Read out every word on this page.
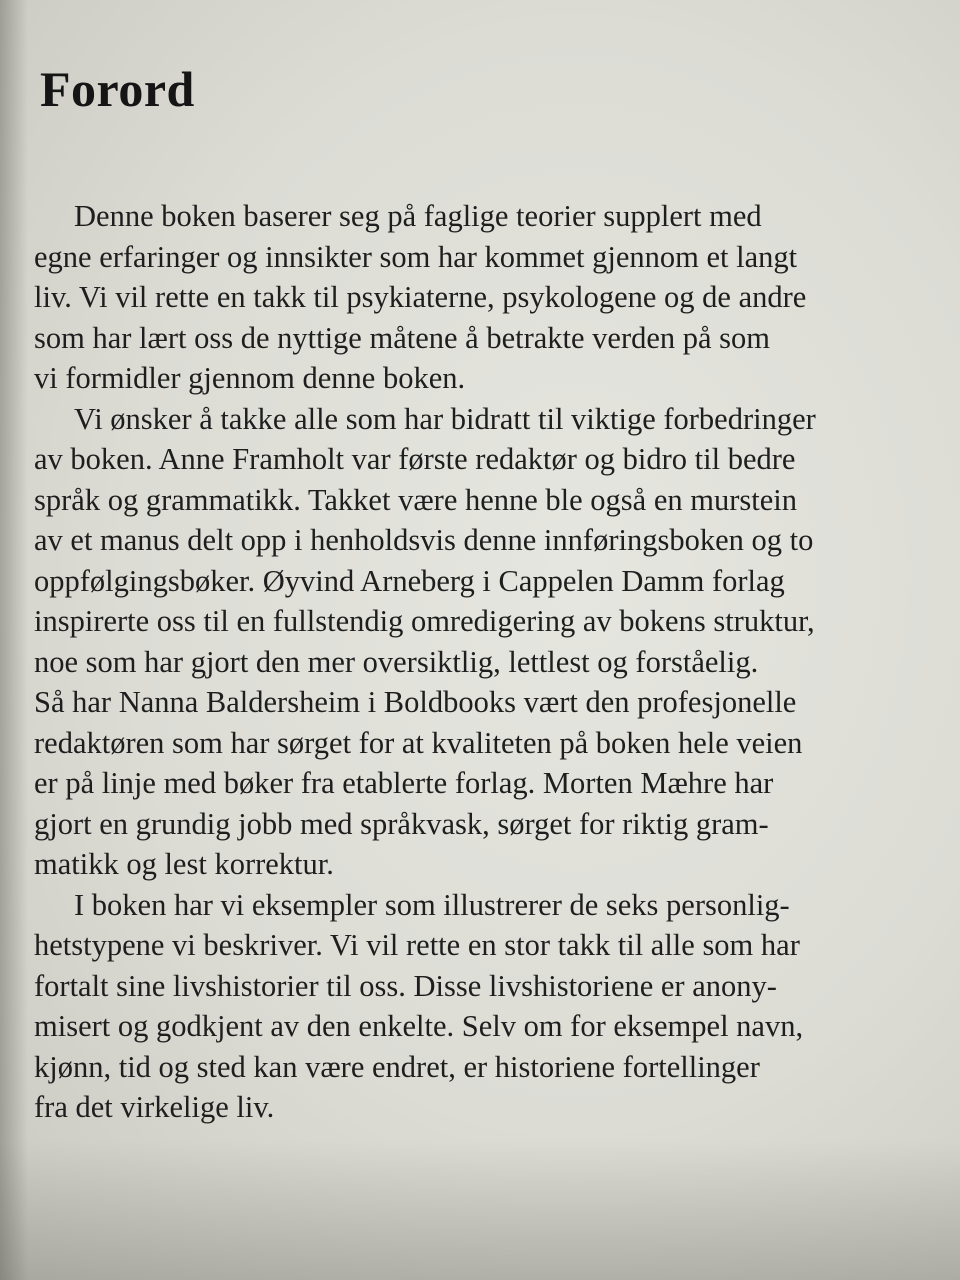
Forord
Denne boken baserer seg på faglige teorier supplert med
egne erfaringer og innsikter som har kommet gjennom et langt
liv. Vi vil rette en takk til psykiaterne, psykologene og de andre
som har lært oss de nyttige måtene å betrakte verden på som
vi formidler gjennom denne boken.
Vi ønsker å takke alle som har bidratt til viktige forbedringer
av boken. Anne Framholt var første redaktør og bidro til bedre
språk og grammatikk. Takket være henne ble også en murstein
av et manus delt opp i henholdsvis denne innføringsboken og to
oppfølgingsbøker. Øyvind Arneberg i Cappelen Damm forlag
inspirerte oss til en fullstendig omredigering av bokens struktur,
noe som har gjort den mer oversiktlig, lettlest og forståelig.
Så har Nanna Baldersheim i Boldbooks vært den profesjonelle
redaktøren som har sørget for at kvaliteten på boken hele veien
er på linje med bøker fra etablerte forlag. Morten Mæhre har
gjort en grundig jobb med språkvask, sørget for riktig gram-
matikk og lest korrektur.
I boken har vi eksempler som illustrerer de seks personlig-
hetstypene vi beskriver. Vi vil rette en stor takk til alle som har
fortalt sine livshistorier til oss. Disse livshistoriene er anony-
misert og godkjent av den enkelte. Selv om for eksempel navn,
kjønn, tid og sted kan være endret, er historiene fortellinger
fra det virkelige liv.
